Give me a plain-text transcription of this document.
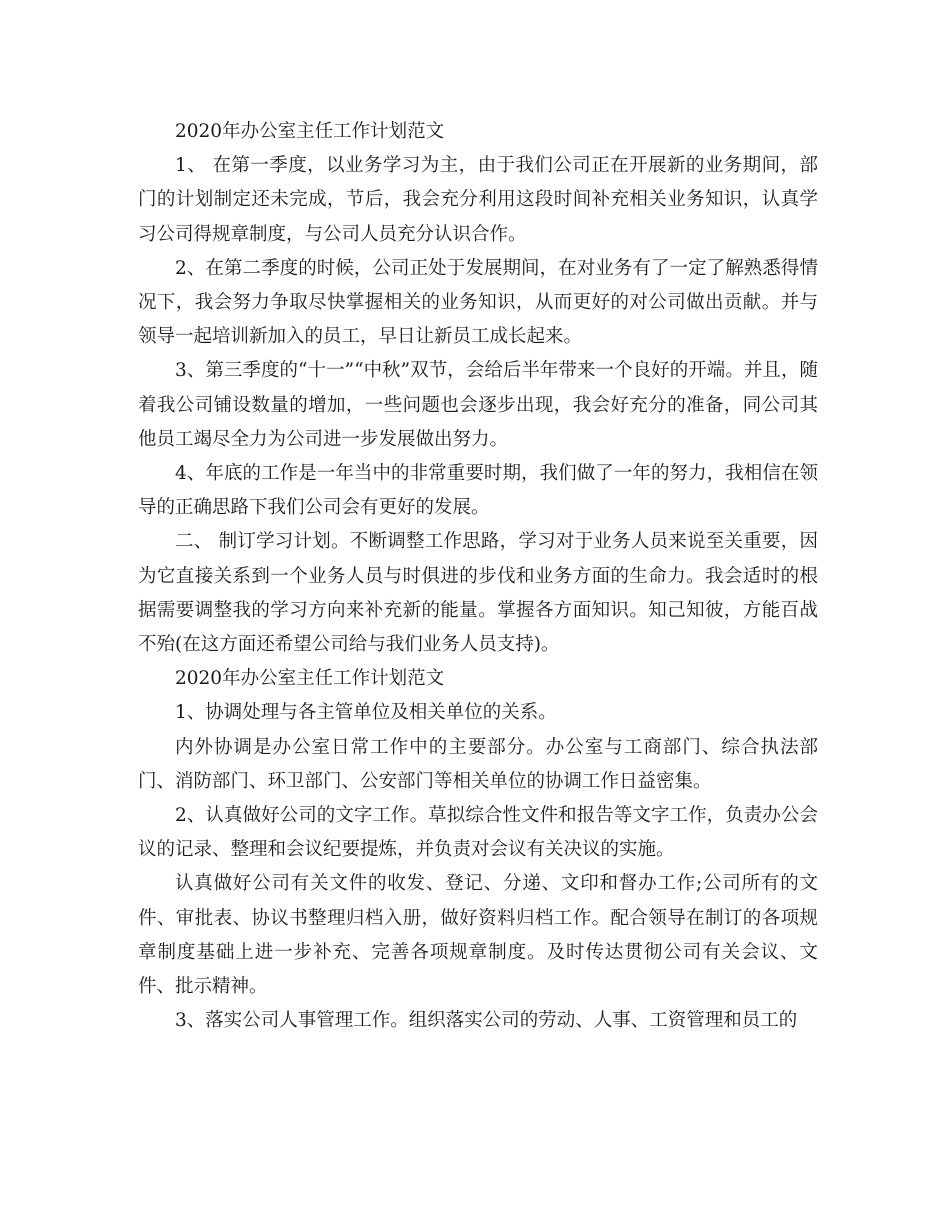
2020年办公室主任工作计划范文

1、 在第一季度，以业务学习为主，由于我们公司正在开展新的业务期间，部门的计划制定还未完成，节后，我会充分利用这段时间补充相关业务知识，认真学习公司得规章制度，与公司人员充分认识合作。

2、在第二季度的时候，公司正处于发展期间，在对业务有了一定了解熟悉得情况下，我会努力争取尽快掌握相关的业务知识，从而更好的对公司做出贡献。并与领导一起培训新加入的员工，早日让新员工成长起来。

3、第三季度的“十一”“中秋”双节，会给后半年带来一个良好的开端。并且，随着我公司铺设数量的增加，一些问题也会逐步出现，我会好充分的准备，同公司其他员工竭尽全力为公司进一步发展做出努力。

4、年底的工作是一年当中的非常重要时期，我们做了一年的努力，我相信在领导的正确思路下我们公司会有更好的发展。

二、 制订学习计划。不断调整工作思路，学习对于业务人员来说至关重要，因为它直接关系到一个业务人员与时俱进的步伐和业务方面的生命力。我会适时的根据需要调整我的学习方向来补充新的能量。掌握各方面知识。知己知彼，方能百战不殆(在这方面还希望公司给与我们业务人员支持)。

2020年办公室主任工作计划范文

1、协调处理与各主管单位及相关单位的关系。

内外协调是办公室日常工作中的主要部分。办公室与工商部门、综合执法部门、消防部门、环卫部门、公安部门等相关单位的协调工作日益密集。

2、认真做好公司的文字工作。草拟综合性文件和报告等文字工作，负责办公会议的记录、整理和会议纪要提炼，并负责对会议有关决议的实施。

认真做好公司有关文件的收发、登记、分递、文印和督办工作;公司所有的文件、审批表、协议书整理归档入册，做好资料归档工作。配合领导在制订的各项规章制度基础上进一步补充、完善各项规章制度。及时传达贯彻公司有关会议、文件、批示精神。

3、落实公司人事管理工作。组织落实公司的劳动、人事、工资管理和员工的
